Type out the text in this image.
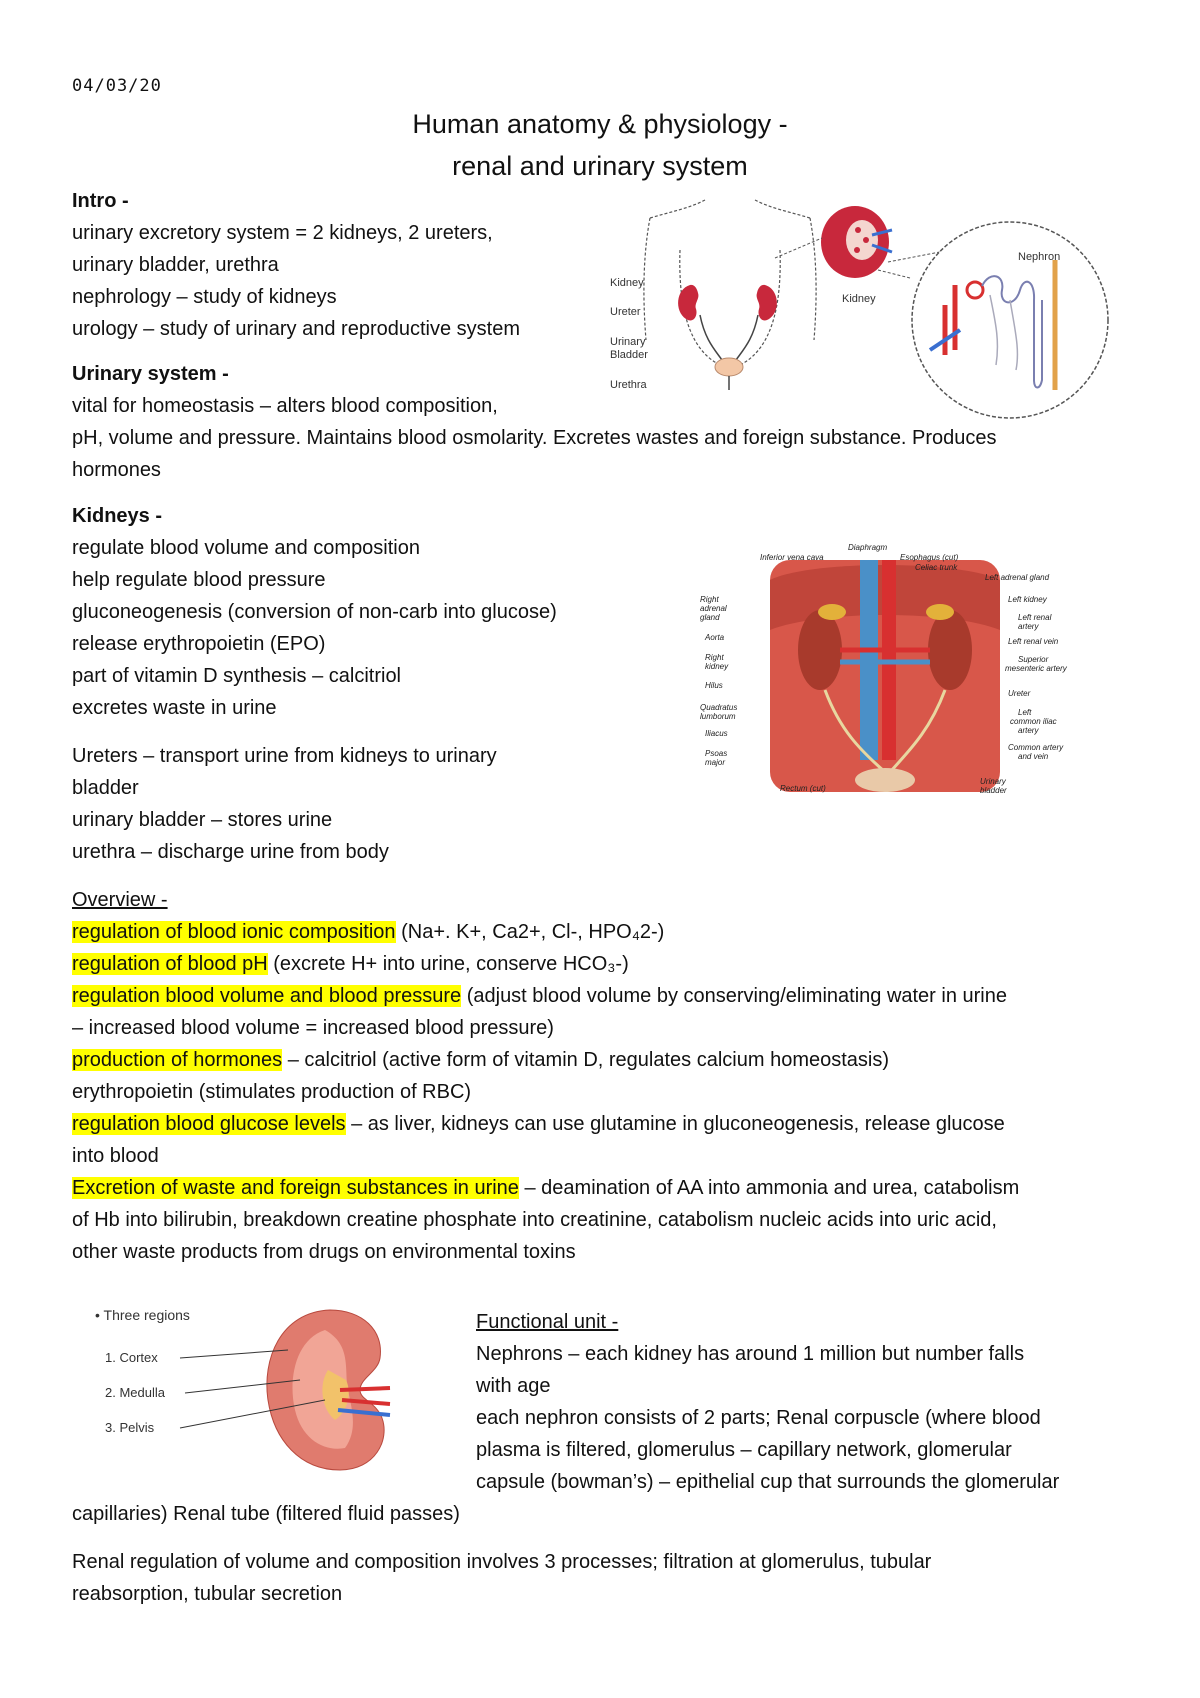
04/03/20
Human anatomy & physiology -
renal and urinary system
Intro -
urinary excretory system = 2 kidneys, 2 ureters,
urinary bladder, urethra
nephrology – study of kidneys
urology – study of urinary and reproductive system
Urinary system -
vital for homeostasis – alters blood composition,
pH, volume and pressure. Maintains blood osmolarity. Excretes wastes and foreign substance. Produces
hormones
Kidneys -
regulate blood volume and composition
help regulate blood pressure
gluconeogenesis (conversion of non-carb into glucose)
release erythropoietin (EPO)
part of vitamin D synthesis – calcitriol
excretes waste in urine
Ureters – transport urine from kidneys to urinary
bladder
urinary bladder – stores urine
urethra – discharge urine from body
Overview -
regulation of blood ionic composition (Na+. K+, Ca2+, Cl-, HPO₄2-)
regulation of blood pH (excrete H+ into urine, conserve HCO₃-)
regulation blood volume and blood pressure (adjust blood volume by conserving/eliminating water in urine
– increased blood volume = increased blood pressure)
production of hormones – calcitriol (active form of vitamin D, regulates calcium homeostasis)
erythropoietin (stimulates production of RBC)
regulation blood glucose levels – as liver, kidneys can use glutamine in gluconeogenesis, release glucose
into blood
Excretion of waste and foreign substances in urine – deamination of AA into ammonia and urea, catabolism
of Hb into bilirubin, breakdown creatine phosphate into creatinine, catabolism nucleic acids into uric acid,
other waste products from drugs on environmental toxins
Functional unit -
Nephrons – each kidney has around 1 million but number falls
with age
each nephron consists of 2 parts; Renal corpuscle (where blood
plasma is filtered, glomerulus – capillary network, glomerular
capsule (bowman’s) – epithelial cup that surrounds the glomerular
capillaries) Renal tube (filtered fluid passes)
Renal regulation of volume and composition involves 3 processes; filtration at glomerulus, tubular
reabsorption, tubular secretion
Kidney
Ureter
Urinary
Bladder
Urethra
Kidney
Nephron
Right
adrenal
gland
Aorta
Right
kidney
Hilus
Quadratus
lumborum
Iliacus
Psoas
major
Diaphragm
Inferior vena cava	Esophagus (cut)
Celiac trunk
Left adrenal gland
Left kidney
Left renal
artery
Left renal vein
Superior
mesenteric artery
Ureter
Left
common iliac
artery
Common artery
and vein
Rectum (cut)
Urinary
bladder
• Three regions
1. Cortex
2. Medulla
3. Pelvis
